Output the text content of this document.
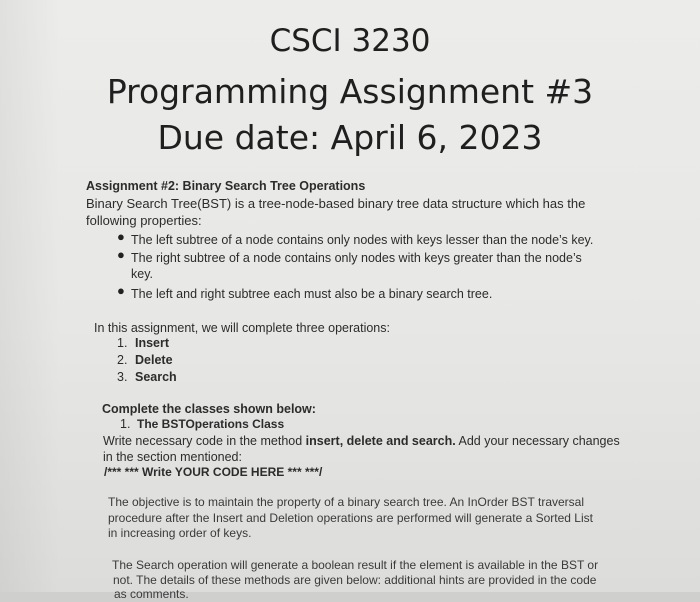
CSCI 3230
Programming Assignment #3
Due date: April 6, 2023
Assignment #2: Binary Search Tree Operations
Binary Search Tree(BST) is a tree-node-based binary tree data structure which has the
following properties:
● The left subtree of a node contains only nodes with keys lesser than the node’s key.
● The right subtree of a node contains only nodes with keys greater than the node’s
key.
● The left and right subtree each must also be a binary search tree.
In this assignment, we will complete three operations:
1. Insert
2. Delete
3. Search
Complete the classes shown below:
1. The BSTOperations Class
Write necessary code in the method insert, delete and search. Add your necessary changes
in the section mentioned:
/*** *** Write YOUR CODE HERE *** ***/
The objective is to maintain the property of a binary search tree. An InOrder BST traversal
procedure after the Insert and Deletion operations are performed will generate a Sorted List
in increasing order of keys.
The Search operation will generate a boolean result if the element is available in the BST or
not. The details of these methods are given below: additional hints are provided in the code
as comments.
